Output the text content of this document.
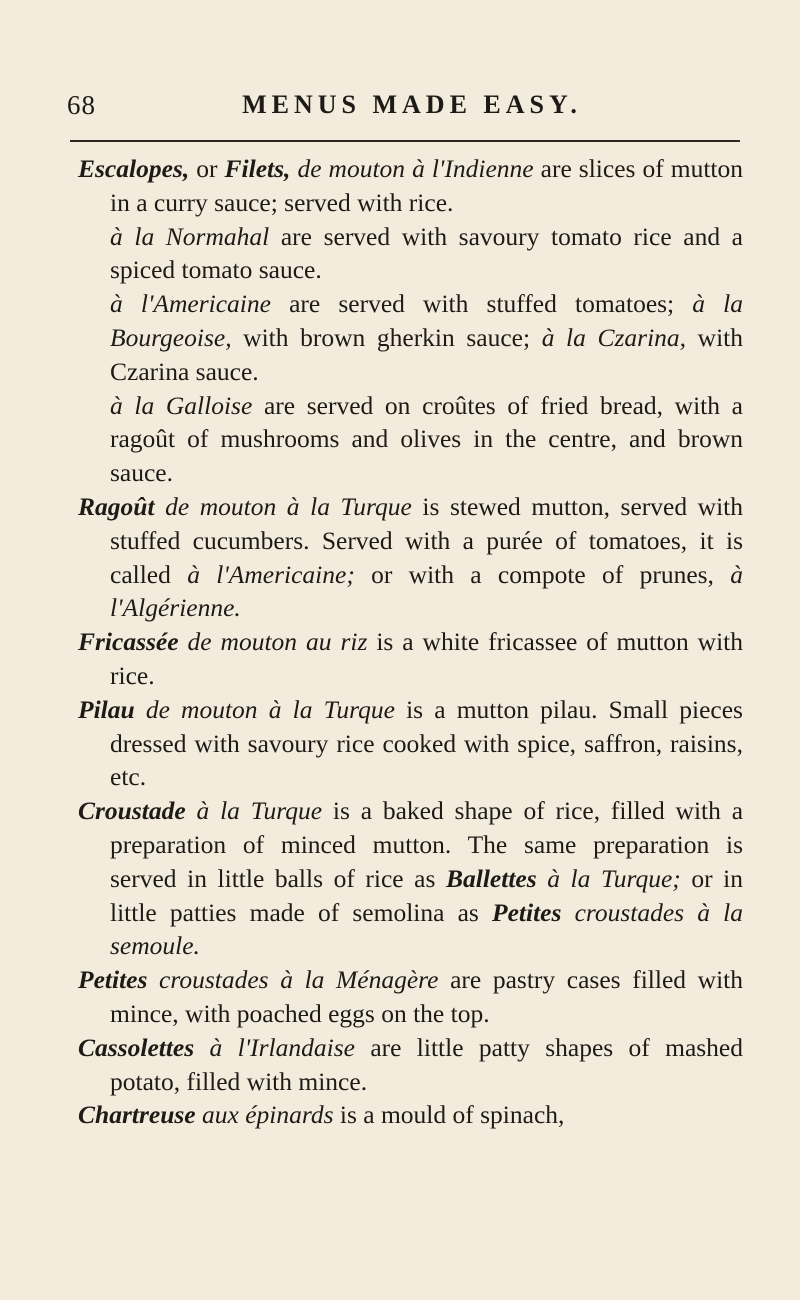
68	MENUS MADE EASY.

Escalopes, or Filets, de mouton à l'Indienne are slices of mutton in a curry sauce; served with rice.

à la Normahal are served with savoury tomato rice and a spiced tomato sauce.

à l'Americaine are served with stuffed tomatoes; à la Bourgeoise, with brown gherkin sauce; à la Czarina, with Czarina sauce.

à la Galloise are served on croûtes of fried bread, with a ragoût of mushrooms and olives in the centre, and brown sauce.

Ragoût de mouton à la Turque is stewed mutton, served with stuffed cucumbers. Served with a purée of tomatoes, it is called à l'Americaine; or with a compote of prunes, à l'Algérienne.

Fricassée de mouton au riz is a white fricassee of mutton with rice.

Pilau de mouton à la Turque is a mutton pilau. Small pieces dressed with savoury rice cooked with spice, saffron, raisins, etc.

Croustade à la Turque is a baked shape of rice, filled with a preparation of minced mutton. The same preparation is served in little balls of rice as Ballettes à la Turque; or in little patties made of semolina as Petites croustades à la semoule.

Petites croustades à la Ménagère are pastry cases filled with mince, with poached eggs on the top.

Cassolettes à l'Irlandaise are little patty shapes of mashed potato, filled with mince.

Chartreuse aux épinards is a mould of spinach,
